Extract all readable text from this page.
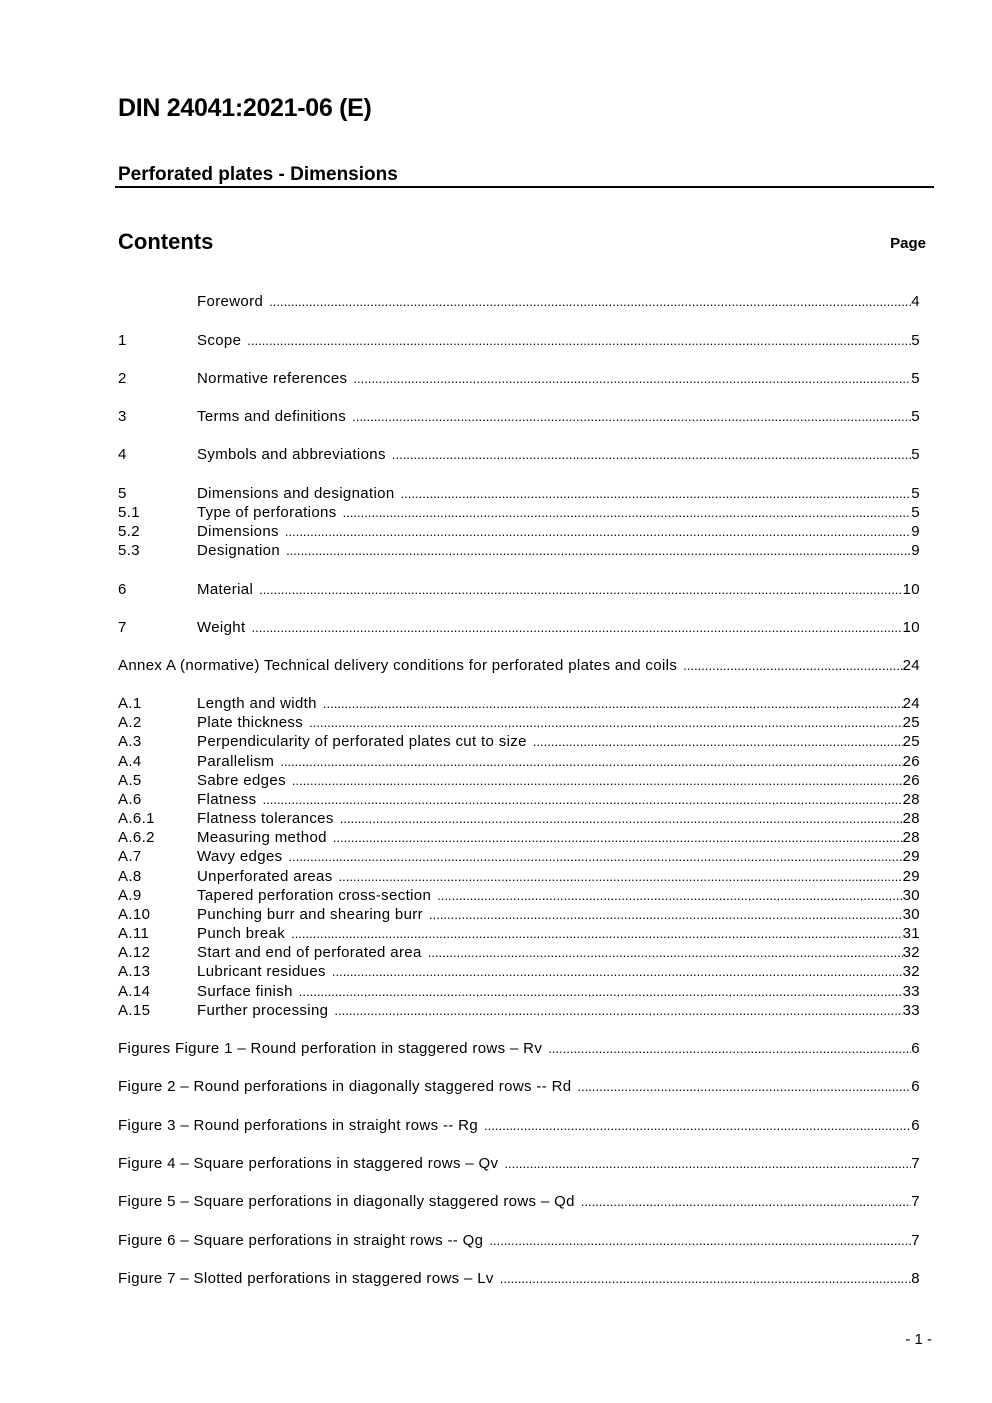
DIN 24041:2021-06 (E)
Perforated plates - Dimensions
Contents	Page
Foreword .....	4
1	Scope .....	5
2	Normative references .....	5
3	Terms and definitions .....	5
4	Symbols and abbreviations .....	5
5	Dimensions and designation .....	5
5.1	Type of perforations .....	5
5.2	Dimensions .....	9
5.3	Designation .....	9
6	Material .....	10
7	Weight .....	10
Annex A (normative) Technical delivery conditions for perforated plates and coils .....	24
A.1	Length and width .....	24
A.2	Plate thickness .....	25
A.3	Perpendicularity of perforated plates cut to size .....	25
A.4	Parallelism .....	26
A.5	Sabre edges .....	26
A.6	Flatness .....	28
A.6.1	Flatness tolerances .....	28
A.6.2	Measuring method .....	28
A.7	Wavy edges .....	29
A.8	Unperforated areas .....	29
A.9	Tapered perforation cross-section .....	30
A.10	Punching burr and shearing burr .....	30
A.11	Punch break .....	31
A.12	Start and end of perforated area .....	32
A.13	Lubricant residues .....	32
A.14	Surface finish .....	33
A.15	Further processing .....	33
Figures Figure 1 – Round perforation in staggered rows – Rv .....	6
Figure 2 – Round perforations in diagonally staggered rows -- Rd .....	6
Figure 3 – Round perforations in straight rows -- Rg .....	6
Figure 4 – Square perforations in staggered rows – Qv .....	7
Figure 5 – Square perforations in diagonally staggered rows – Qd .....	7
Figure 6 – Square perforations in straight rows -- Qg .....	7
Figure 7 – Slotted perforations in staggered rows – Lv .....	8
- 1 -
